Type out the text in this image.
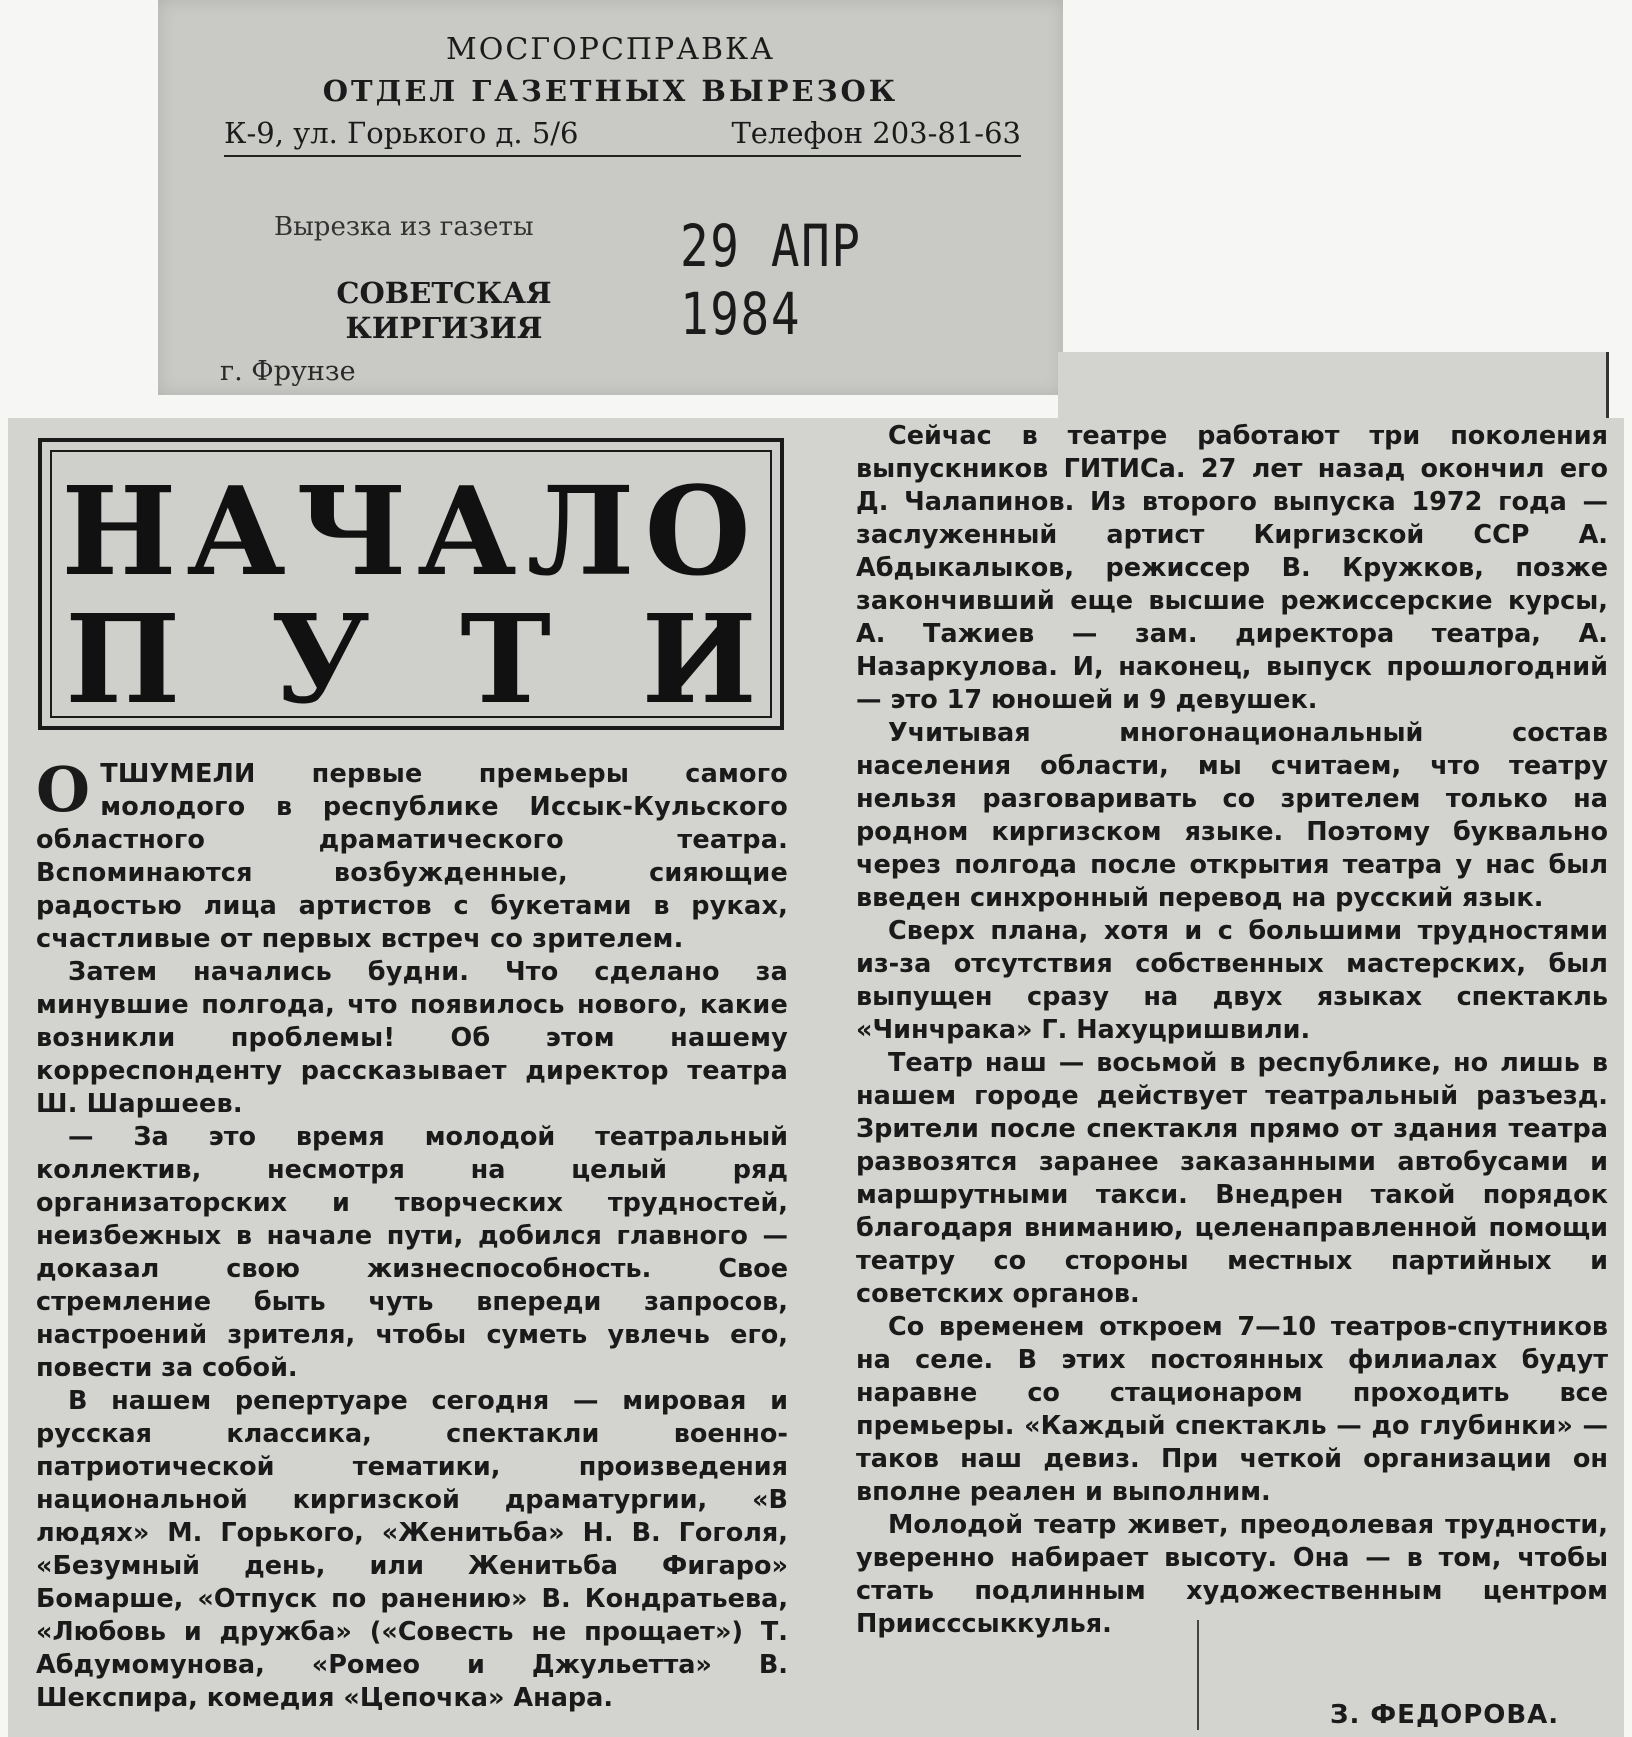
МОСГОРСПРАВКА
ОТДЕЛ ГАЗЕТНЫХ ВЫРЕЗОК
К-9, ул. Горького д. 5/6	Телефон 203-81-63
Вырезка из газеты	29 АПР 1984
СОВЕТСКАЯ
КИРГИЗИЯ
г. Фрунзе
НАЧАЛО
П У Т И

ОТШУМЕЛИ первые премьеры самого молодого в республике Иссык-Кульского областного драматического театра. Вспоминаются возбужденные, сияющие радостью лица артистов с букетами в руках, счастливые от первых встреч со зрителем.

Затем начались будни. Что сделано за минувшие полгода, что появилось нового, какие возникли проблемы! Об этом нашему корреспонденту рассказывает директор театра Ш. Шаршеев.

— За это время молодой театральный коллектив, несмотря на целый ряд организаторских и творческих трудностей, неизбежных в начале пути, добился главного — доказал свою жизнеспособность. Свое стремление быть чуть впереди запросов, настроений зрителя, чтобы суметь увлечь его, повести за собой.

В нашем репертуаре сегодня — мировая и русская классика, спектакли военно-патриотической тематики, произведения национальной киргизской драматургии, «В людях» М. Горького, «Женитьба» Н. В. Гоголя, «Безумный день, или Женитьба Фигаро» Бомарше, «Отпуск по ранению» В. Кондратьева, «Любовь и дружба» («Совесть не прощает») Т. Абдумомунова, «Ромео и Джульетта» В. Шекспира, комедия «Цепочка» Анара.

Сейчас в театре работают три поколения выпускников ГИТИСа. 27 лет назад окончил его Д. Чалапинов. Из второго выпуска 1972 года — заслуженный артист Киргизской ССР А. Абдыкалыков, режиссер В. Кружков, позже закончивший еще высшие режиссерские курсы, А. Тажиев — зам. директора театра, А. Назаркулова. И, наконец, выпуск прошлогодний — это 17 юношей и 9 девушек.

Учитывая многонациональный состав населения области, мы считаем, что театру нельзя разговаривать со зрителем только на родном киргизском языке. Поэтому буквально через полгода после открытия театра у нас был введен синхронный перевод на русский язык.

Сверх плана, хотя и с большими трудностями из-за отсутствия собственных мастерских, был выпущен сразу на двух языках спектакль «Чинчрака» Г. Нахуцришвили.

Театр наш — восьмой в республике, но лишь в нашем городе действует театральный разъезд. Зрители после спектакля прямо от здания театра развозятся заранее заказанными автобусами и маршрутными такси. Внедрен такой порядок благодаря вниманию, целенаправленной помощи театру со стороны местных партийных и советских органов.

Со временем откроем 7—10 театров-спутников на селе. В этих постоянных филиалах будут наравне со стационаром проходить все премьеры. «Каждый спектакль — до глубинки» — таков наш девиз. При четкой организации он вполне реален и выполним.

Молодой театр живет, преодолевая трудности, уверенно набирает высоту. Она — в том, чтобы стать подлинным художественным центром Приисссыккулья.

З. ФЕДОРОВА.
